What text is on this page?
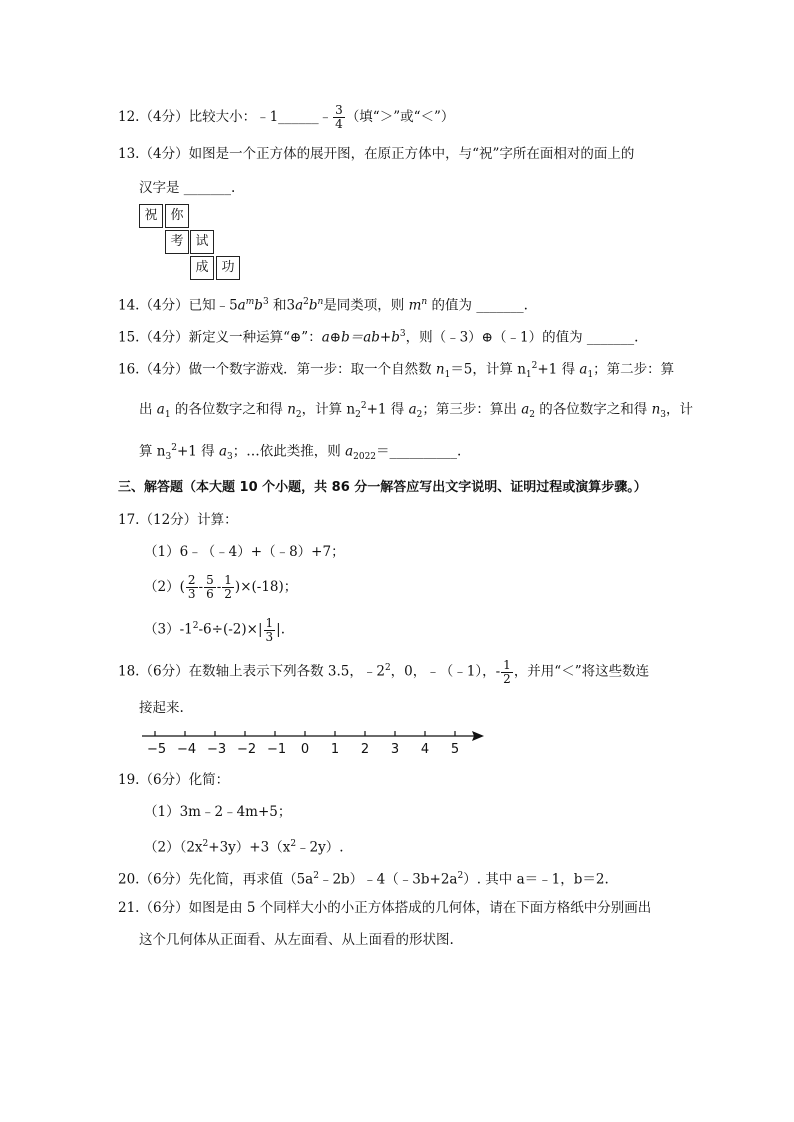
12.（4分）比较大小：﹣1______﹣ $\frac{3}{4}$ （填“＞”或“＜”）
13.（4分）如图是一个正方体的展开图，在原正方体中，与“祝”字所在面相对的面上的
汉字是 _______.
祝 你
考 试
成 功
14.（4分）已知$﹣5a^mb^3$ 和$3a^2b^n$是同类项，则 $m^n$ 的值为 _______.
15.（4分）新定义一种运算“⊕”：$a\oplus b=ab+b^3$，则（﹣3）⊕（﹣1）的值为 _______.
16.（4分）做一个数字游戏．第一步：取一个自然数 $n_1=5$，计算 $n_1^2+1$ 得 $a_1$；第二步：算
出 $a_1$ 的各位数字之和得 $n_2$，计算 $n_2^2+1$ 得 $a_2$；第三步：算出 $a_2$ 的各位数字之和得 $n_3$，计
算 $n_3^2+1$ 得 $a_3$；…依此类推，则 $a_{2022}=\_\_\_\_\_\_\_\_\_\_$.
三、解答题（本大题 10 个小题，共 86 分一解答应写出文字说明、证明过程或演算步骤。）
17.（12分）计算：
（1）6﹣（﹣4）+（﹣8）+7；
$(2)( \frac{2}{3} - \frac{5}{6} - \frac{1}{2} )\times(-18)$；
$(3)-1^2-6\div(-2)\times| \frac{1}{3}$ |.
18.（6分）在数轴上表示下列各数 3.5，$﹣2^2$，0，﹣（﹣1），- $\frac{1}{2}$ ，并用“＜”将这些数连
接起来.
−5 −4 −3 −2 −1 0 1 2 3 4 5
19.（6分）化简：
（1）3m﹣2﹣4m+5；
$(2)(2x^2+3y)+3(x^2﹣2y)$.
20.（6分）先化简，再求值$(5a^2﹣2b)﹣4(﹣3b+2a^2)$. 其中 a＝﹣1，b＝2.
21.（6分）如图是由 5 个同样大小的小正方体搭成的几何体，请在下面方格纸中分别画出
这个几何体从正面看、从左面看、从上面看的形状图.
